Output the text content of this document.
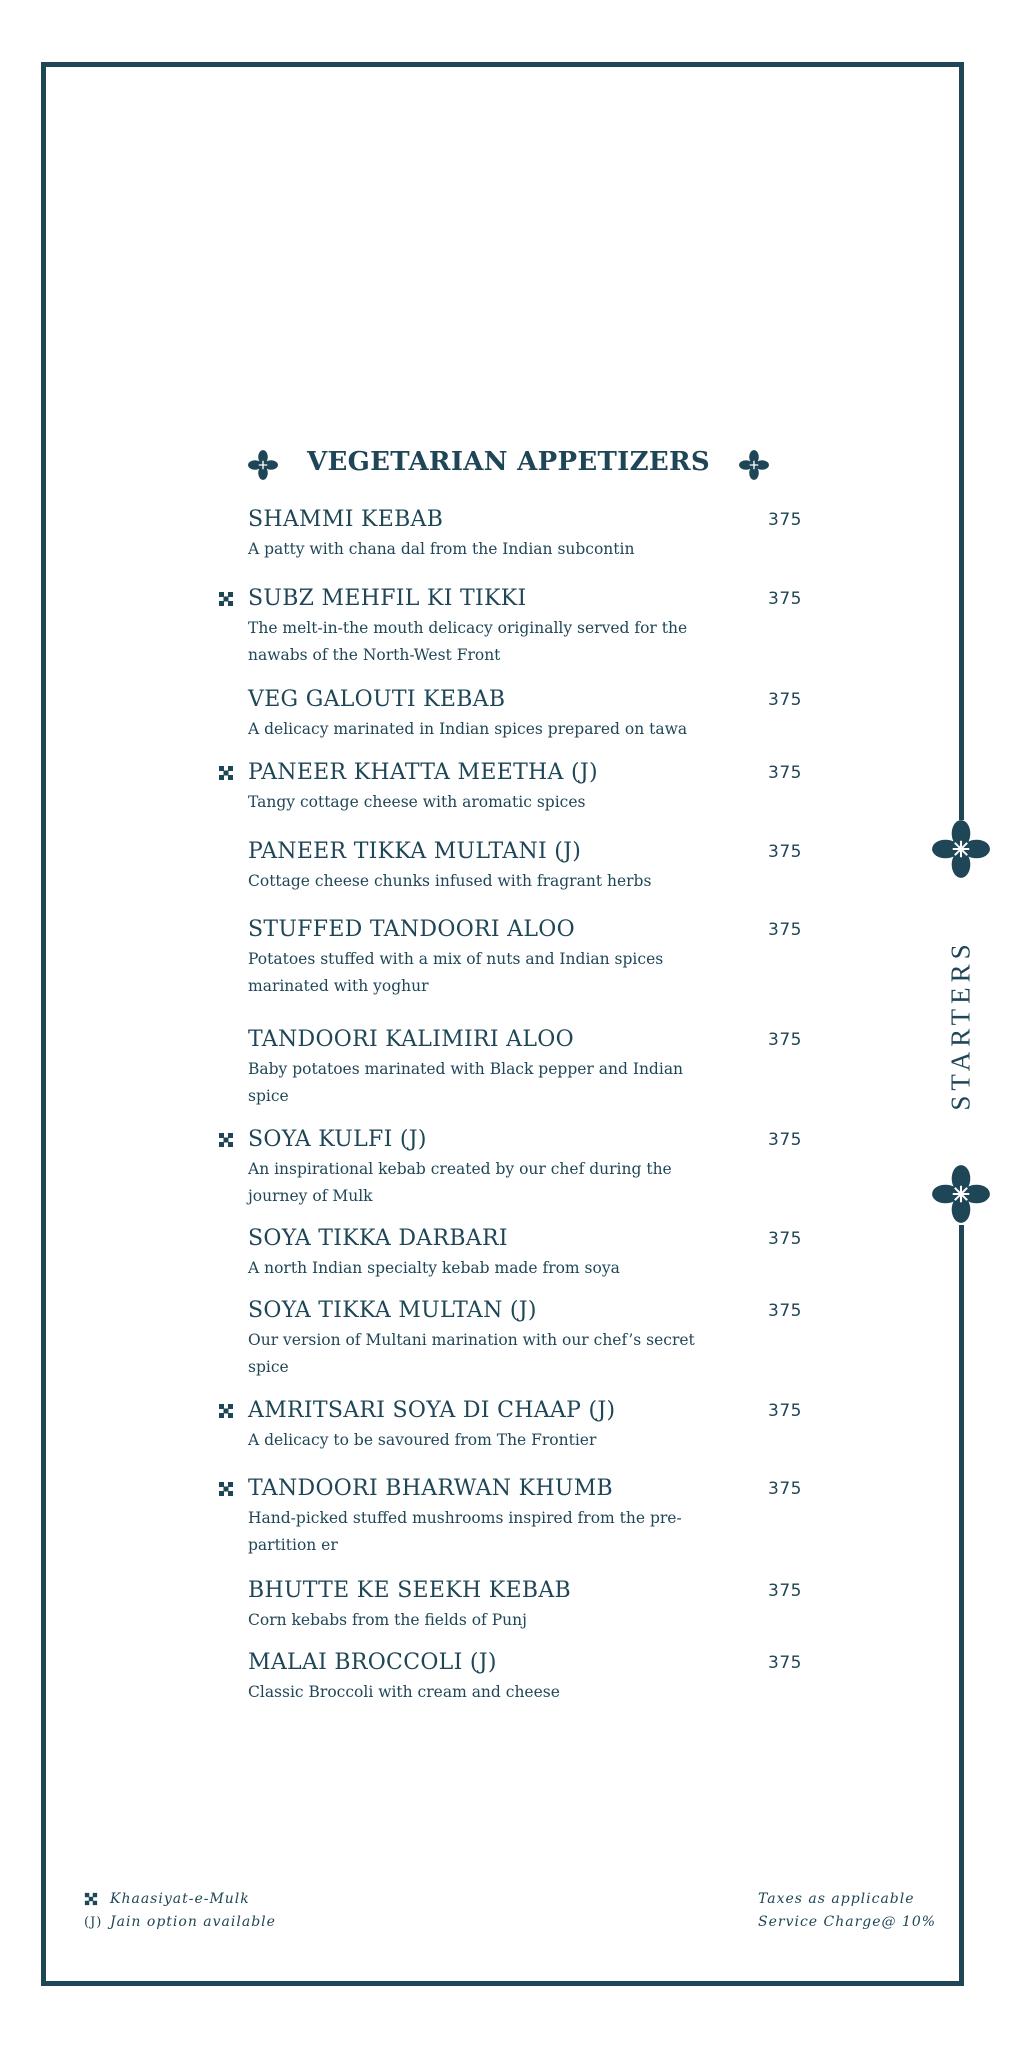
STARTERS
VEGETARIAN APPETIZERS
SHAMMI KEBAB
A patty with chana dal from the Indian subcontin
375
SUBZ MEHFIL KI TIKKI
The melt-in-the mouth delicacy originally served for the nawabs of the North-West Front
375
VEG GALOUTI KEBAB
A delicacy marinated in Indian spices prepared on tawa
375
PANEER KHATTA MEETHA (J)
Tangy cottage cheese with aromatic spices
375
PANEER TIKKA MULTANI (J)
Cottage cheese chunks infused with fragrant herbs
375
STUFFED TANDOORI ALOO
Potatoes stuffed with a mix of nuts and Indian spices marinated with yoghur
375
TANDOORI KALIMIRI ALOO
Baby potatoes marinated with Black pepper and Indian spice
375
SOYA KULFI (J)
An inspirational kebab created by our chef during the journey of Mulk
375
SOYA TIKKA DARBARI
A north Indian specialty kebab made from soya
375
SOYA TIKKA MULTAN (J)
Our version of Multani marination with our chef’s secret spice
375
AMRITSARI SOYA DI CHAAP (J)
A delicacy to be savoured from The Frontier
375
TANDOORI BHARWAN KHUMB
Hand-picked stuffed mushrooms inspired from the pre-partition er
375
BHUTTE KE SEEKH KEBAB
Corn kebabs from the fields of Punj
375
MALAI BROCCOLI (J)
Classic Broccoli with cream and cheese
375
Khaasiyat-e-Mulk
(J) Jain option available
Taxes as applicable
Service Charge@ 10%
